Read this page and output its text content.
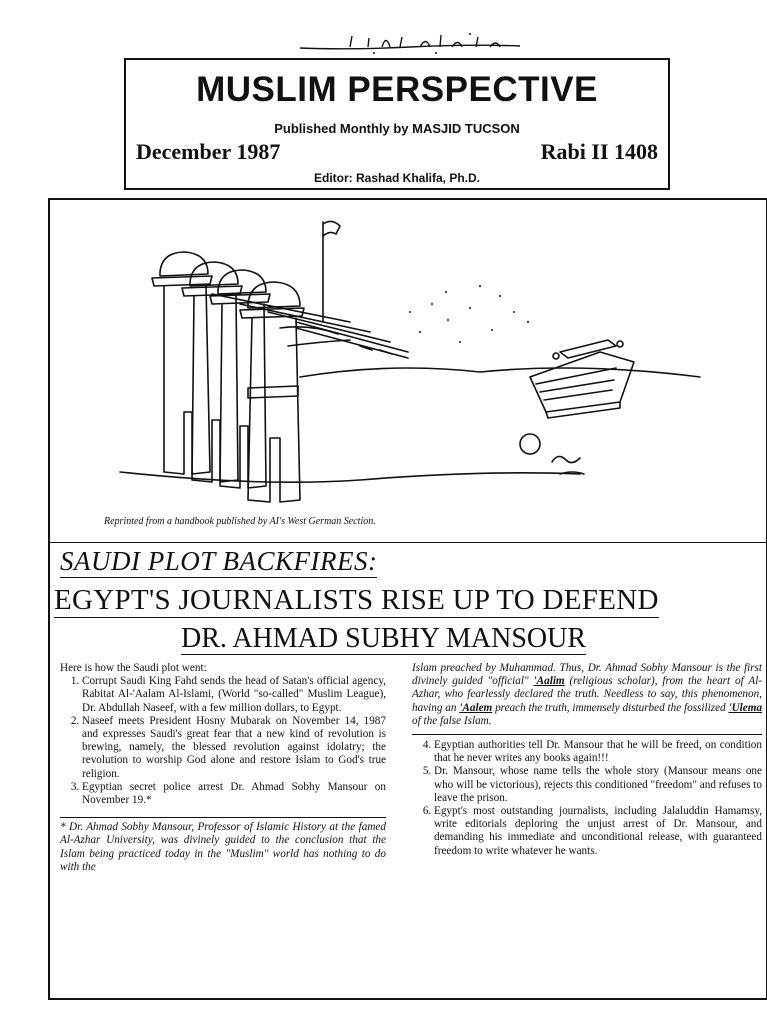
MUSLIM PERSPECTIVE
Published Monthly by MASJID TUCSON
December 1987	Rabi II 1408
Editor: Rashad Khalifa, Ph.D.
Reprinted from a handbook published by AI's West German Section.
SAUDI PLOT BACKFIRES:
EGYPT'S JOURNALISTS RISE UP TO DEFEND
DR. AHMAD SUBHY MANSOUR

Here is how the Saudi plot went:

1. Corrupt Saudi King Fahd sends the head of Satan's official agency, Rabitat Al-'Aalam Al-Islami, (World "so-called" Muslim League), Dr. Abdullah Naseef, with a few million dollars, to Egypt.
2. Naseef meets President Hosny Mubarak on November 14, 1987 and expresses Saudi's great fear that a new kind of revolution is brewing, namely, the blessed revolution against idolatry; the revolution to worship God alone and restore Islam to God's true religion.
3. Egyptian secret police arrest Dr. Ahmad Sobhy Mansour on November 19.*
* Dr. Ahmad Sobhy Mansour, Professor of Islamic History at the famed Al-Azhar University, was divinely guided to the conclusion that the Islam being practiced today in the "Muslim" world has nothing to do with the
Islam preached by Muhammad. Thus, Dr. Ahmad Sobhy Mansour is the first divinely guided "official" 'Aalim (religious scholar), from the heart of Al-Azhar, who fearlessly declared the truth. Needless to say, this phenomenon, having an 'Aalem preach the truth, immensely disturbed the fossilized 'Ulema of the false Islam.
4. Egyptian authorities tell Dr. Mansour that he will be freed, on condition that he never writes any books again!!!
5. Dr. Mansour, whose name tells the whole story (Mansour means one who will be victorious), rejects this conditioned "freedom" and refuses to leave the prison.
6. Egypt's most outstanding journalists, including Jalaluddin Hamamsy, write editorials deploring the unjust arrest of Dr. Mansour, and demanding his immediate and unconditional release, with guaranteed freedom to write whatever he wants.
